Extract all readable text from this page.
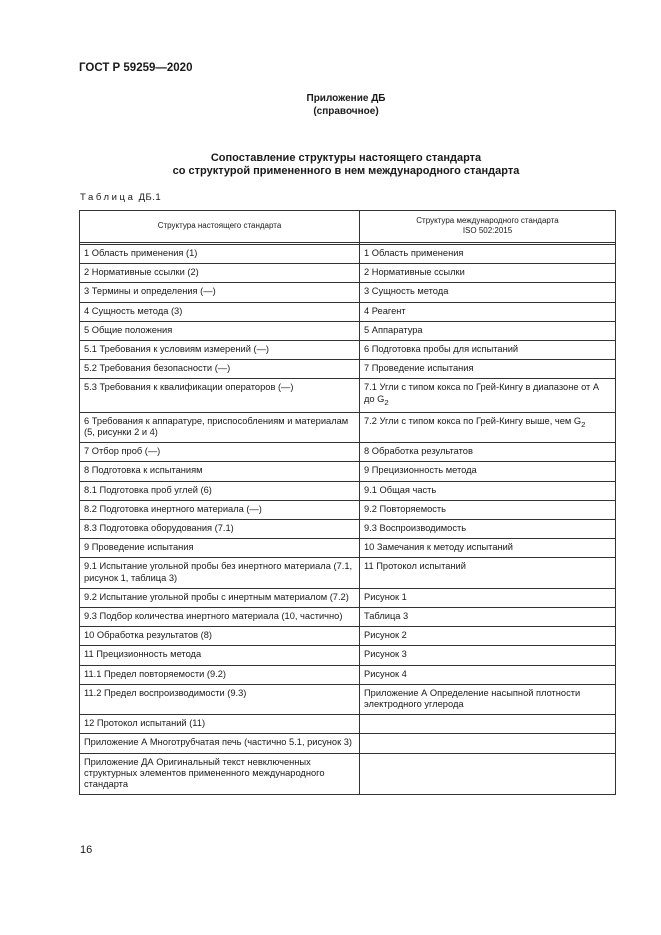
ГОСТ Р 59259—2020
Приложение ДБ
(справочное)
Сопоставление структуры настоящего стандарта
со структурой примененного в нем международного стандарта
Таблица ДБ.1
Структура настоящего стандарта	Структура международного стандарта
ISO 502:2015

1 Область применения (1)	1 Область применения
2 Нормативные ссылки (2)	2 Нормативные ссылки
3 Термины и определения (—)	3 Сущность метода
4 Сущность метода (3)	4 Реагент
5 Общие положения	5 Аппаратура
5.1 Требования к условиям измерений (—)	6 Подготовка пробы для испытаний
5.2 Требования безопасности (—)	7 Проведение испытания
5.3 Требования к квалификации операторов (—)	7.1 Угли с типом кокса по Грей-Кингу в диапазоне от А до $G_2$
6 Требования к аппаратуре, приспособлениям и материалам (5, рисунки 2 и 4)	7.2 Угли с типом кокса по Грей-Кингу выше, чем $G_2$
7 Отбор проб (—)	8 Обработка результатов
8 Подготовка к испытаниям	9 Прецизионность метода
8.1 Подготовка проб углей (6)	9.1 Общая часть
8.2 Подготовка инертного материала (—)	9.2 Повторяемость
8.3 Подготовка оборудования (7.1)	9.3 Воспроизводимость
9 Проведение испытания	10 Замечания к методу испытаний
9.1 Испытание угольной пробы без инертного материала (7.1, рисунок 1, таблица 3)	11 Протокол испытаний
9.2 Испытание угольной пробы с инертным материалом (7.2)	Рисунок 1
9.3 Подбор количества инертного материала (10, частично)	Таблица 3
10 Обработка результатов (8)	Рисунок 2
11 Прецизионность метода	Рисунок 3
11.1 Предел повторяемости (9.2)	Рисунок 4
11.2 Предел воспроизводимости (9.3)	Приложение А Определение насыпной плотности электродного углерода
12 Протокол испытаний (11)	
Приложение А Многотрубчатая печь (частично 5.1, рисунок 3)	
Приложение ДА Оригинальный текст невключенных структурных элементов примененного международного стандарта	
16
